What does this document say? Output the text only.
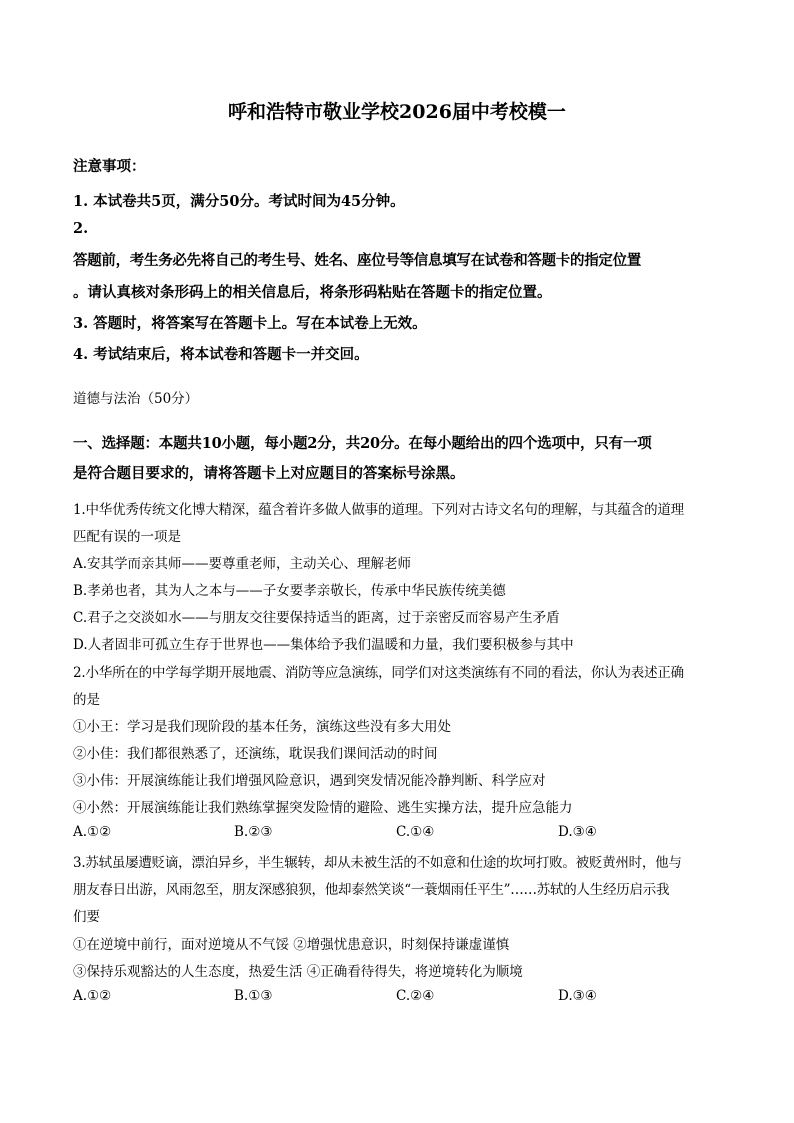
呼和浩特市敬业学校2026届中考校模一
注意事项：
1. 本试卷共5页，满分50分。考试时间为45分钟。
2.
答题前，考生务必先将自己的考生号、姓名、座位号等信息填写在试卷和答题卡的指定位置
。请认真核对条形码上的相关信息后，将条形码粘贴在答题卡的指定位置。
3. 答题时，将答案写在答题卡上。写在本试卷上无效。
4. 考试结束后，将本试卷和答题卡一并交回。
道德与法治（50分）
一、选择题：本题共10小题，每小题2分，共20分。在每小题给出的四个选项中，只有一项
是符合题目要求的，请将答题卡上对应题目的答案标号涂黑。
1.中华优秀传统文化博大精深，蕴含着许多做人做事的道理。下列对古诗文名句的理解，与其蕴含的道理
匹配有误的一项是
A.安其学而亲其师——要尊重老师，主动关心、理解老师
B.孝弟也者，其为人之本与——子女要孝亲敬长，传承中华民族传统美德
C.君子之交淡如水——与朋友交往要保持适当的距离，过于亲密反而容易产生矛盾
D.人者固非可孤立生存于世界也——集体给予我们温暖和力量，我们要积极参与其中
2.小华所在的中学每学期开展地震、消防等应急演练，同学们对这类演练有不同的看法，你认为表述正确
的是
①小王：学习是我们现阶段的基本任务，演练这些没有多大用处
②小佳：我们都很熟悉了，还演练，耽误我们课间活动的时间
③小伟：开展演练能让我们增强风险意识，遇到突发情况能冷静判断、科学应对
④小然：开展演练能让我们熟练掌握突发险情的避险、逃生实操方法，提升应急能力
A.①②	B.②③	C.①④	D.③④
3.苏轼虽屡遭贬谪，漂泊异乡，半生辗转，却从未被生活的不如意和仕途的坎坷打败。被贬黄州时，他与
朋友春日出游，风雨忽至，朋友深感狼狈，他却泰然笑谈“一蓑烟雨任平生”……苏轼的人生经历启示我
们要
①在逆境中前行，面对逆境从不气馁 ②增强忧患意识，时刻保持谦虚谨慎
③保持乐观豁达的人生态度，热爱生活 ④正确看待得失，将逆境转化为顺境
A.①②	B.①③	C.②④	D.③④
